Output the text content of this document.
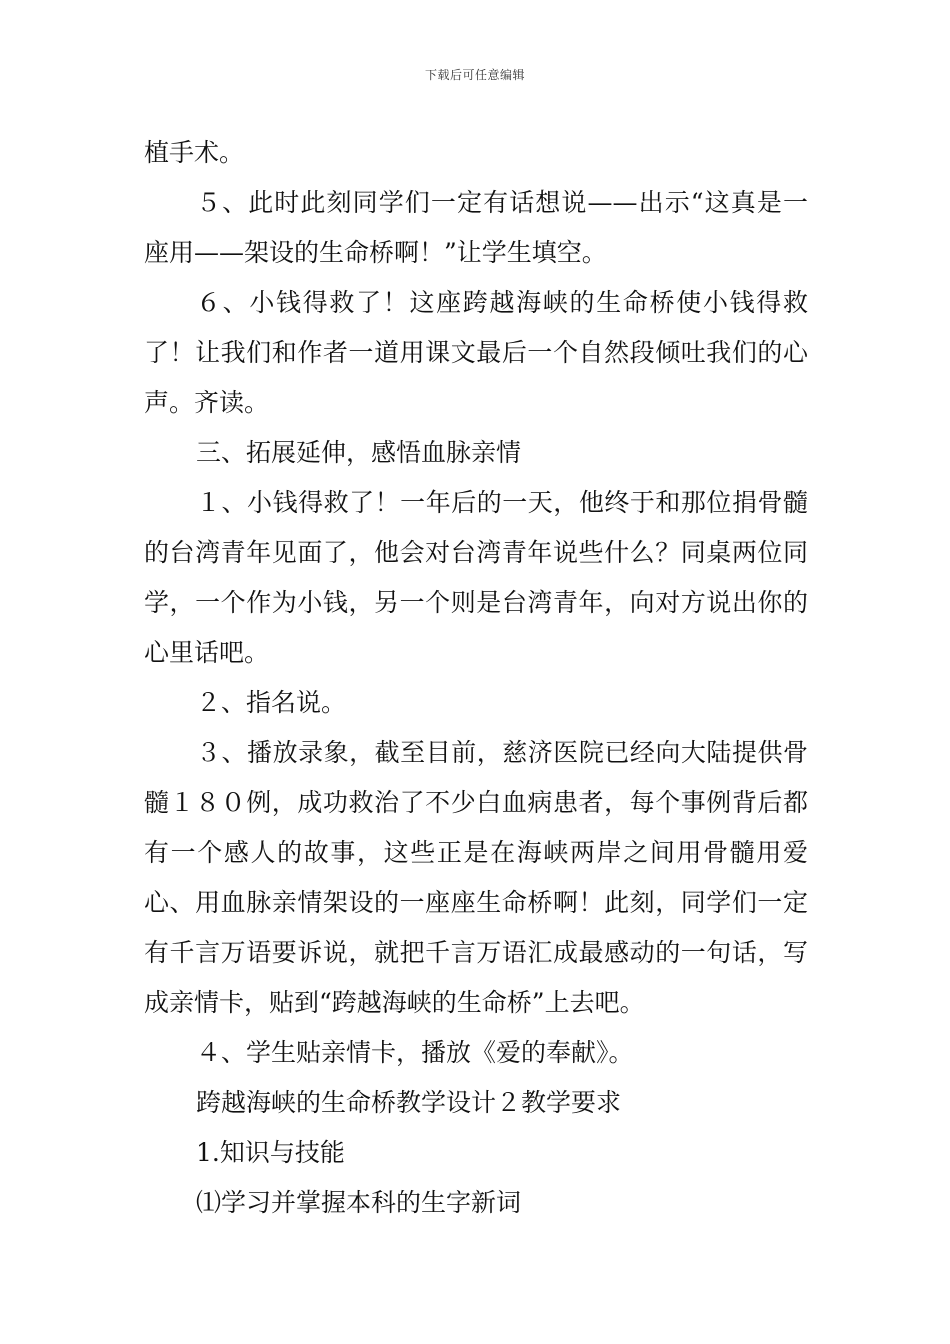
下载后可任意编辑

植手术。

５、此时此刻同学们一定有话想说——出示“这真是一座用——架设的生命桥啊！”让学生填空。

６、小钱得救了！这座跨越海峡的生命桥使小钱得救了！让我们和作者一道用课文最后一个自然段倾吐我们的心声。齐读。

三、拓展延伸，感悟血脉亲情

１、小钱得救了！一年后的一天，他终于和那位捐骨髓的台湾青年见面了，他会对台湾青年说些什么？同桌两位同学，一个作为小钱，另一个则是台湾青年，向对方说出你的心里话吧。

２、指名说。

３、播放录象，截至目前，慈济医院已经向大陆提供骨髓１８０例，成功救治了不少白血病患者，每个事例背后都有一个感人的故事，这些正是在海峡两岸之间用骨髓用爱心、用血脉亲情架设的一座座生命桥啊！此刻，同学们一定有千言万语要诉说，就把千言万语汇成最感动的一句话，写成亲情卡，贴到“跨越海峡的生命桥”上去吧。

４、学生贴亲情卡，播放《爱的奉献》。

跨越海峡的生命桥教学设计２教学要求

1.知识与技能

⑴学习并掌握本科的生字新词
